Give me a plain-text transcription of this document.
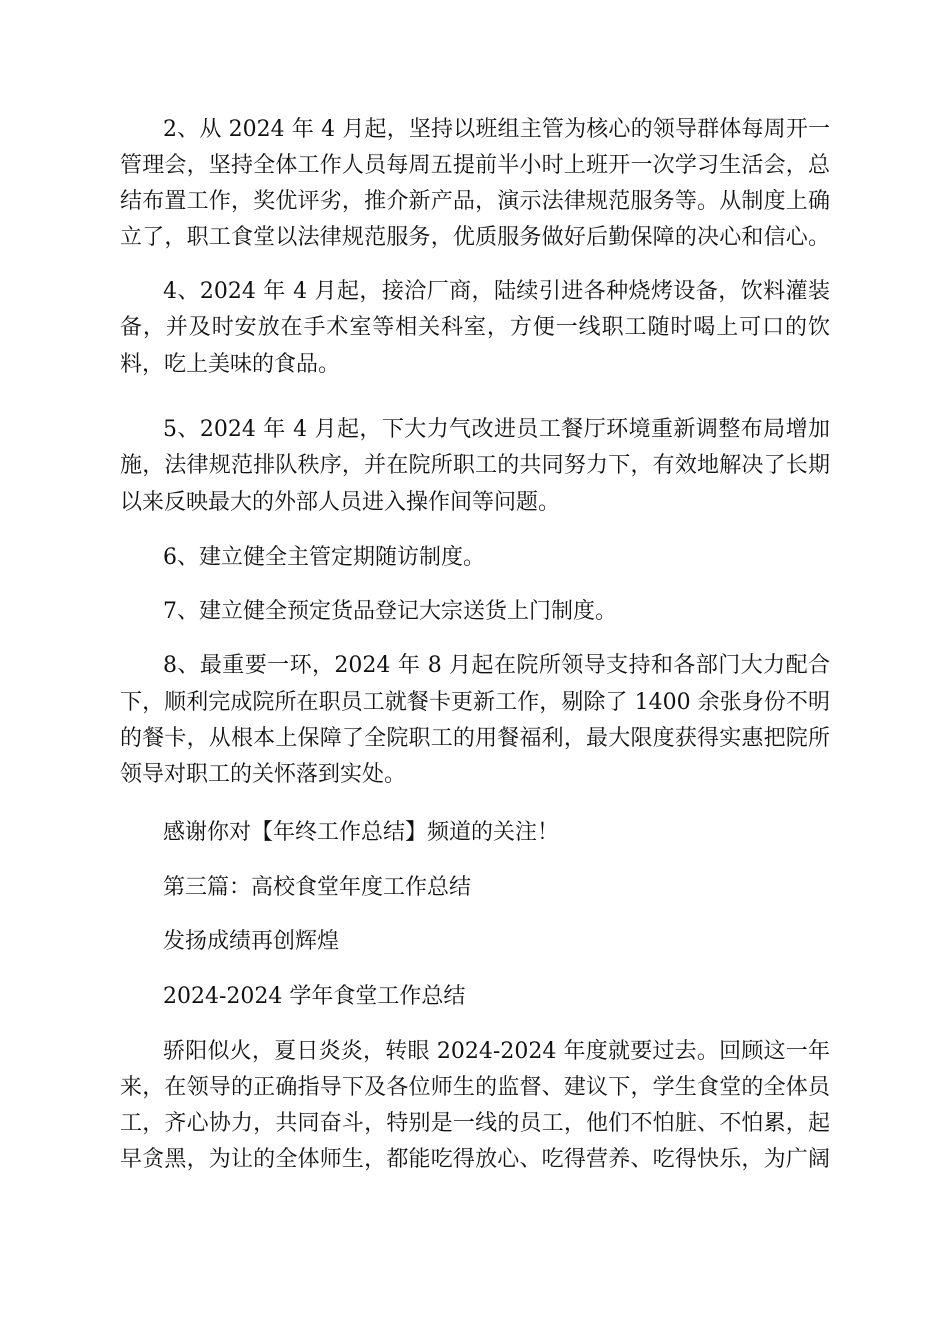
2、从 2024 年 4 月起，坚持以班组主管为核心的领导群体每周开一
管理会，坚持全体工作人员每周五提前半小时上班开一次学习生活会，总
结布置工作，奖优评劣，推介新产品，演示法律规范服务等。从制度上确
立了，职工食堂以法律规范服务，优质服务做好后勤保障的决心和信心。
4、2024 年 4 月起，接洽厂商，陆续引进各种烧烤设备，饮料灌装
备，并及时安放在手术室等相关科室，方便一线职工随时喝上可口的饮
料，吃上美味的食品。
5、2024 年 4 月起，下大力气改进员工餐厅环境重新调整布局增加
施，法律规范排队秩序，并在院所职工的共同努力下，有效地解决了长期
以来反映最大的外部人员进入操作间等问题。
6、建立健全主管定期随访制度。
7、建立健全预定货品登记大宗送货上门制度。
8、最重要一环，2024 年 8 月起在院所领导支持和各部门大力配合
下，顺利完成院所在职员工就餐卡更新工作，剔除了 1400 余张身份不明
的餐卡，从根本上保障了全院职工的用餐福利，最大限度获得实惠把院所
领导对职工的关怀落到实处。
感谢你对【年终工作总结】频道的关注！
第三篇：高校食堂年度工作总结
发扬成绩再创辉煌
2024-2024 学年食堂工作总结
骄阳似火，夏日炎炎，转眼 2024-2024 年度就要过去。回顾这一年
来，在领导的正确指导下及各位师生的监督、建议下，学生食堂的全体员
工，齐心协力，共同奋斗，特别是一线的员工，他们不怕脏、不怕累，起
早贪黑，为让的全体师生，都能吃得放心、吃得营养、吃得快乐，为广阔
